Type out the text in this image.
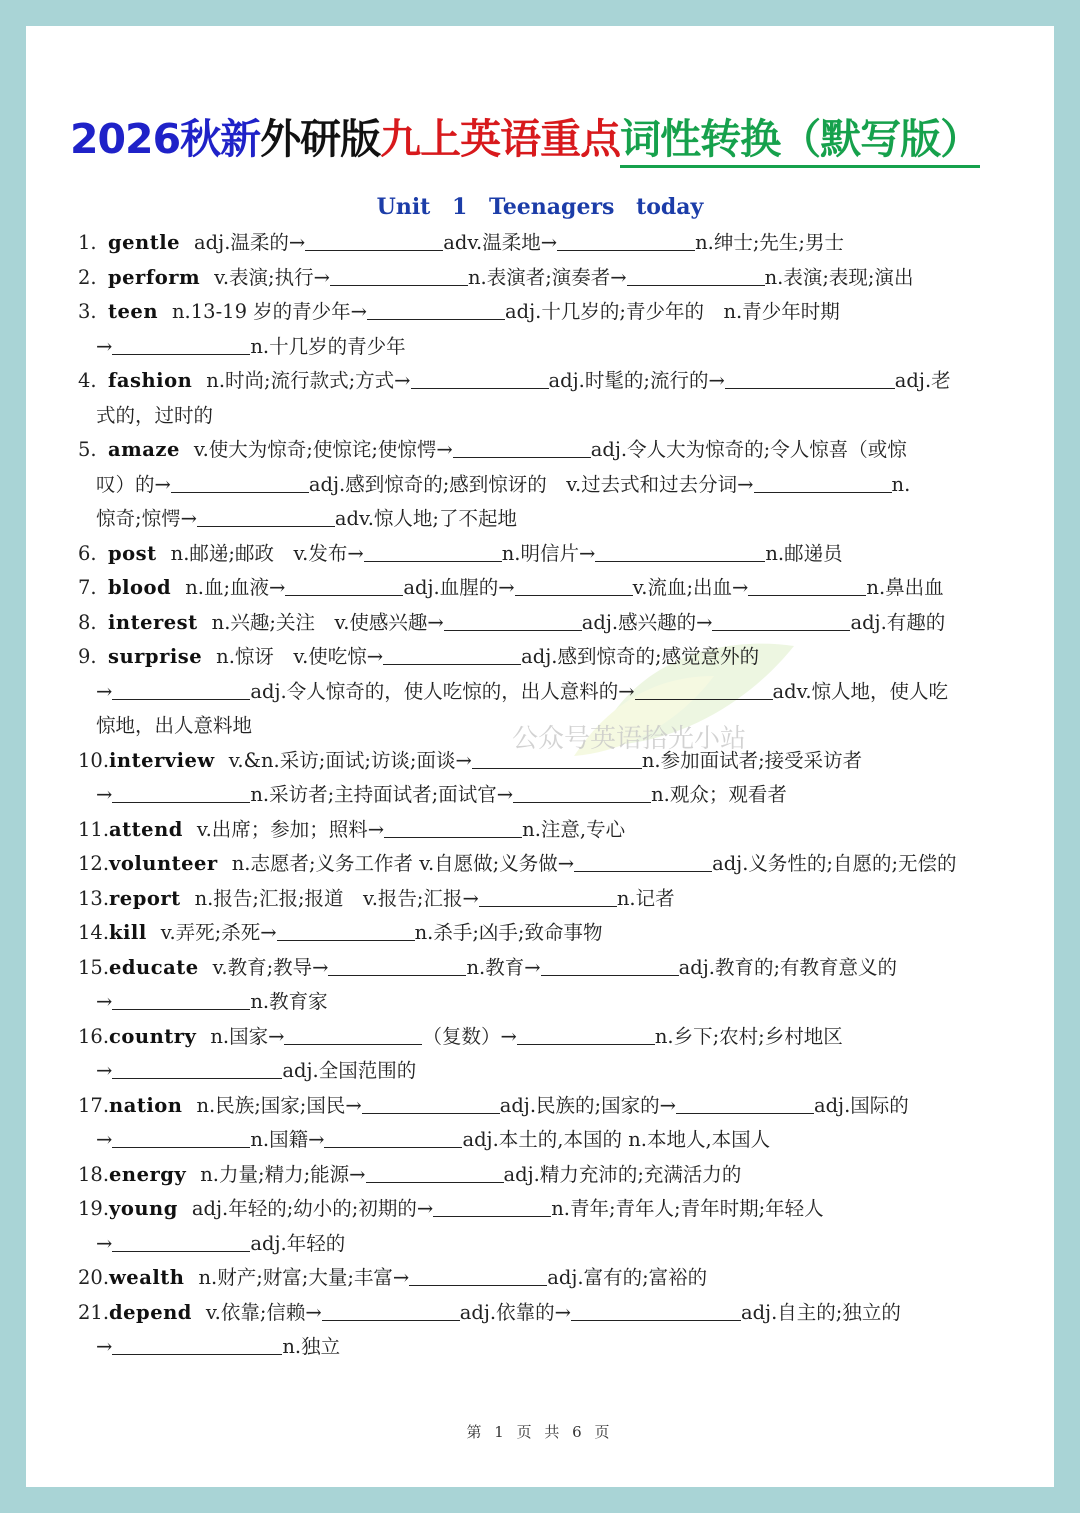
2026秋新外研版九上英语重点词性转换（默写版）
Unit 1 Teenagers today
公众号英语拾光小站
1. gentle adj.温柔的→	adv.温柔地→	n.绅士;先生;男士
2. perform v.表演;执行→	n.表演者;演奏者→	n.表演;表现;演出
3. teen n.13-19 岁的青少年→	adj.十几岁的;青少年的　n.青少年时期
→	n.十几岁的青少年
4. fashion n.时尚;流行款式;方式→	adj.时髦的;流行的→	adj.老
式的，过时的
5. amaze v.使大为惊奇;使惊诧;使惊愕→	adj.令人大为惊奇的;令人惊喜（或惊
叹）的→	adj.感到惊奇的;感到惊讶的　v.过去式和过去分词→	n.
惊奇;惊愕→	adv.惊人地;了不起地
6. post n.邮递;邮政　v.发布→	n.明信片→	n.邮递员
7. blood n.血;血液→	adj.血腥的→	v.流血;出血→	n.鼻出血
8. interest n.兴趣;关注　v.使感兴趣→	adj.感兴趣的→	adj.有趣的
9. surprise n.惊讶　v.使吃惊→	adj.感到惊奇的;感觉意外的
→	adj.令人惊奇的，使人吃惊的，出人意料的→	adv.惊人地，使人吃
惊地，出人意料地
10.interview v.&n.采访;面试;访谈;面谈→	n.参加面试者;接受采访者
→	n.采访者;主持面试者;面试官→	n.观众；观看者
11.attend v.出席；参加；照料→	n.注意,专心
12.volunteer n.志愿者;义务工作者 v.自愿做;义务做→	adj.义务性的;自愿的;无偿的
13.report n.报告;汇报;报道　v.报告;汇报→	n.记者
14.kill v.弄死;杀死→	n.杀手;凶手;致命事物
15.educate v.教育;教导→	n.教育→	adj.教育的;有教育意义的
→	n.教育家
16.country n.国家→	（复数）→	n.乡下;农村;乡村地区
→	adj.全国范围的
17.nation n.民族;国家;国民→	adj.民族的;国家的→	adj.国际的
→	n.国籍→	adj.本土的,本国的 n.本地人,本国人
18.energy n.力量;精力;能源→	adj.精力充沛的;充满活力的
19.young adj.年轻的;幼小的;初期的→	n.青年;青年人;青年时期;年轻人
→	adj.年轻的
20.wealth n.财产;财富;大量;丰富→	adj.富有的;富裕的
21.depend v.依靠;信赖→	adj.依靠的→	adj.自主的;独立的
→	n.独立
第 1 页 共 6 页
